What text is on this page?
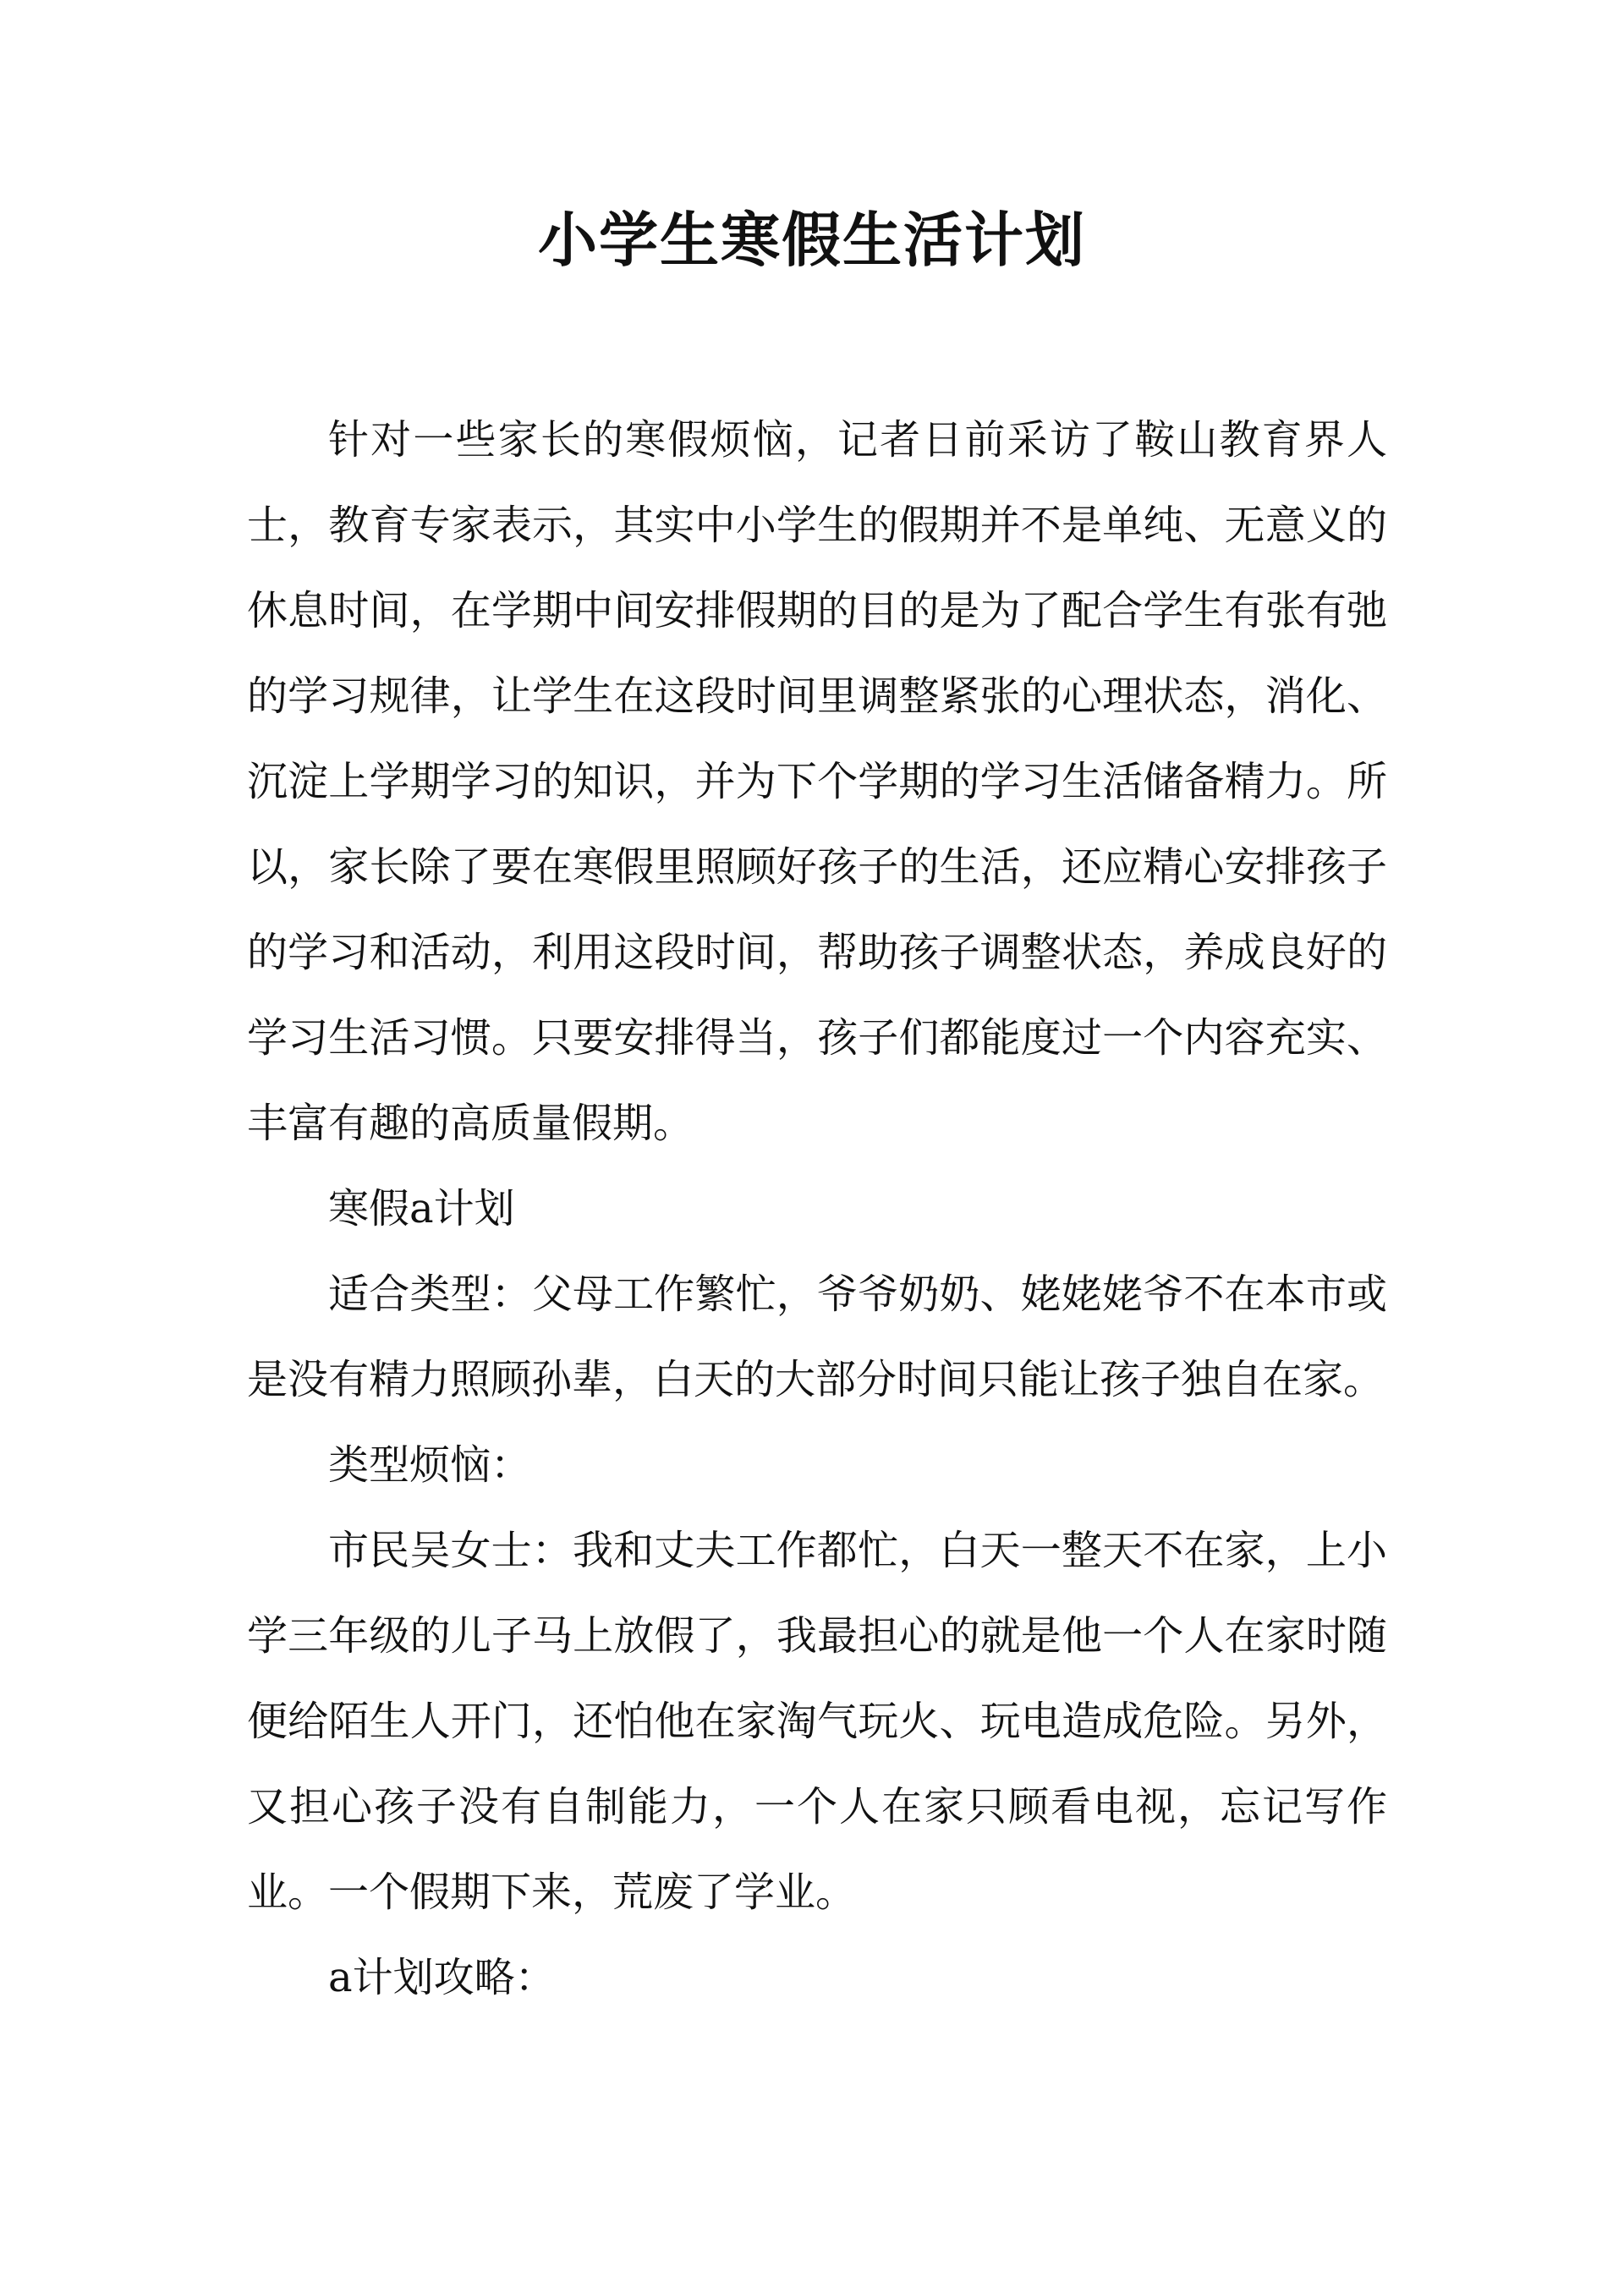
小学生寒假生活计划

针对一些家长的寒假烦恼，记者日前采访了鞍山教育界人士，教育专家表示，其实中小学生的假期并不是单纯、无意义的休息时间，在学期中间安排假期的目的是为了配合学生有张有弛的学习规律，让学生在这段时间里调整紧张的心理状态，消化、沉淀上学期学习的知识，并为下个学期的学习生活储备精力。所以，家长除了要在寒假里照顾好孩子的生活，还应精心安排孩子的学习和活动，利用这段时间，帮助孩子调整状态，养成良好的学习生活习惯。只要安排得当，孩子们都能度过一个内容充实、丰富有趣的高质量假期。

寒假a计划

适合类型：父母工作繁忙，爷爷奶奶、姥姥姥爷不在本市或是没有精力照顾孙辈，白天的大部分时间只能让孩子独自在家。

类型烦恼：

市民吴女士：我和丈夫工作都忙，白天一整天不在家，上小学三年级的儿子马上放假了，我最担心的就是他一个人在家时随便给陌生人开门，还怕他在家淘气玩火、玩电造成危险。另外，又担心孩子没有自制能力，一个人在家只顾看电视，忘记写作业。一个假期下来，荒废了学业。

a计划攻略：
